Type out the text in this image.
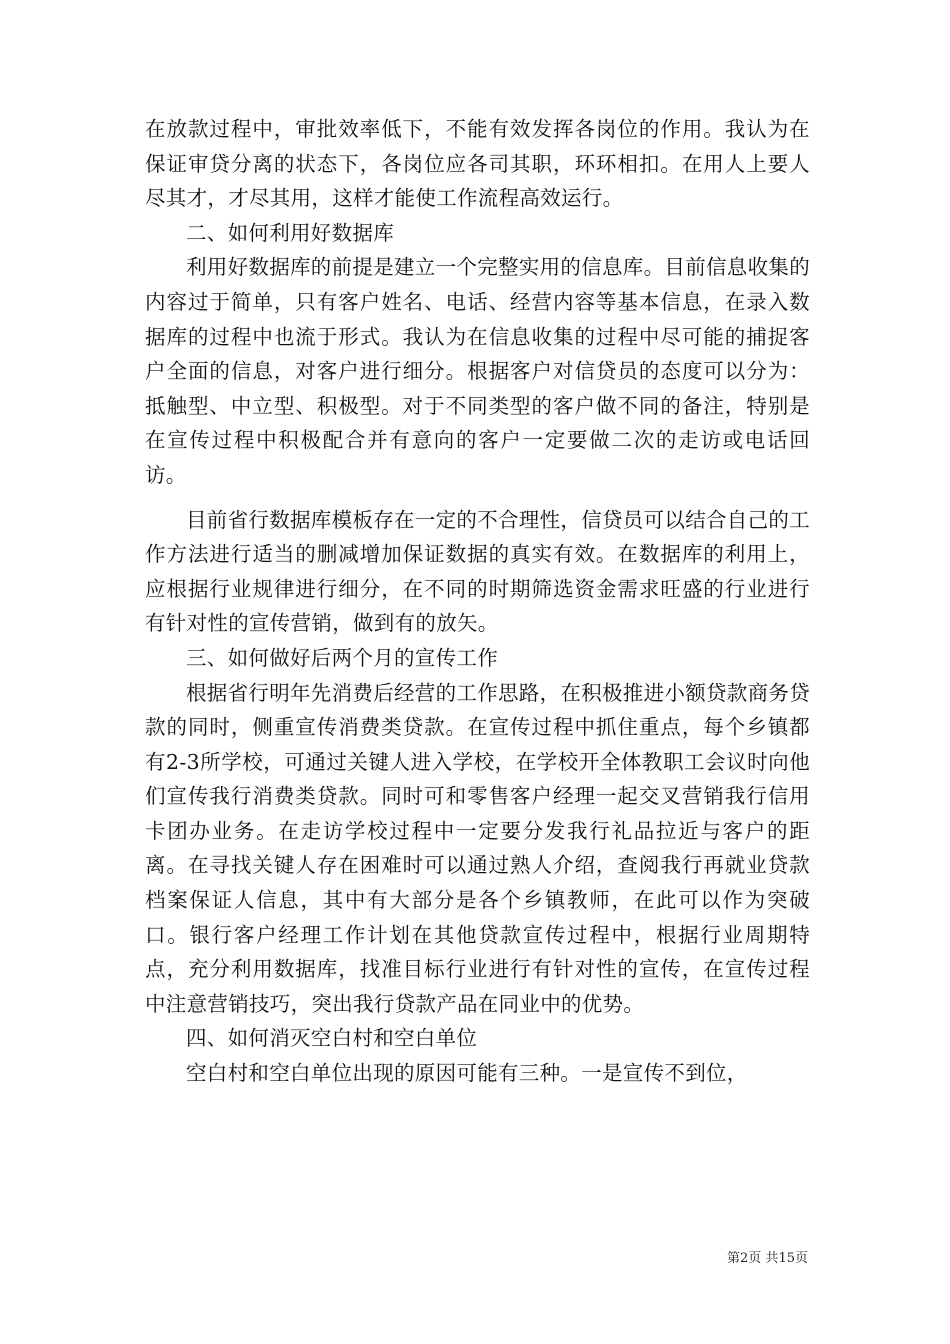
在放款过程中，审批效率低下，不能有效发挥各岗位的作用。我认为在保证审贷分离的状态下，各岗位应各司其职，环环相扣。在用人上要人尽其才，才尽其用，这样才能使工作流程高效运行。

二、如何利用好数据库

利用好数据库的前提是建立一个完整实用的信息库。目前信息收集的内容过于简单，只有客户姓名、电话、经营内容等基本信息，在录入数据库的过程中也流于形式。我认为在信息收集的过程中尽可能的捕捉客户全面的信息，对客户进行细分。根据客户对信贷员的态度可以分为：抵触型、中立型、积极型。对于不同类型的客户做不同的备注，特别是在宣传过程中积极配合并有意向的客户一定要做二次的走访或电话回访。

目前省行数据库模板存在一定的不合理性，信贷员可以结合自己的工作方法进行适当的删减增加保证数据的真实有效。在数据库的利用上，应根据行业规律进行细分，在不同的时期筛选资金需求旺盛的行业进行有针对性的宣传营销，做到有的放矢。

三、如何做好后两个月的宣传工作

根据省行明年先消费后经营的工作思路，在积极推进小额贷款商务贷款的同时，侧重宣传消费类贷款。在宣传过程中抓住重点，每个乡镇都有2-3所学校，可通过关键人进入学校，在学校开全体教职工会议时向他们宣传我行消费类贷款。同时可和零售客户经理一起交叉营销我行信用卡团办业务。在走访学校过程中一定要分发我行礼品拉近与客户的距离。在寻找关键人存在困难时可以通过熟人介绍，查阅我行再就业贷款档案保证人信息，其中有大部分是各个乡镇教师，在此可以作为突破口。银行客户经理工作计划在其他贷款宣传过程中，根据行业周期特点，充分利用数据库，找准目标行业进行有针对性的宣传，在宣传过程中注意营销技巧，突出我行贷款产品在同业中的优势。

四、如何消灭空白村和空白单位

空白村和空白单位出现的原因可能有三种。一是宣传不到位，

第2页 共15页
